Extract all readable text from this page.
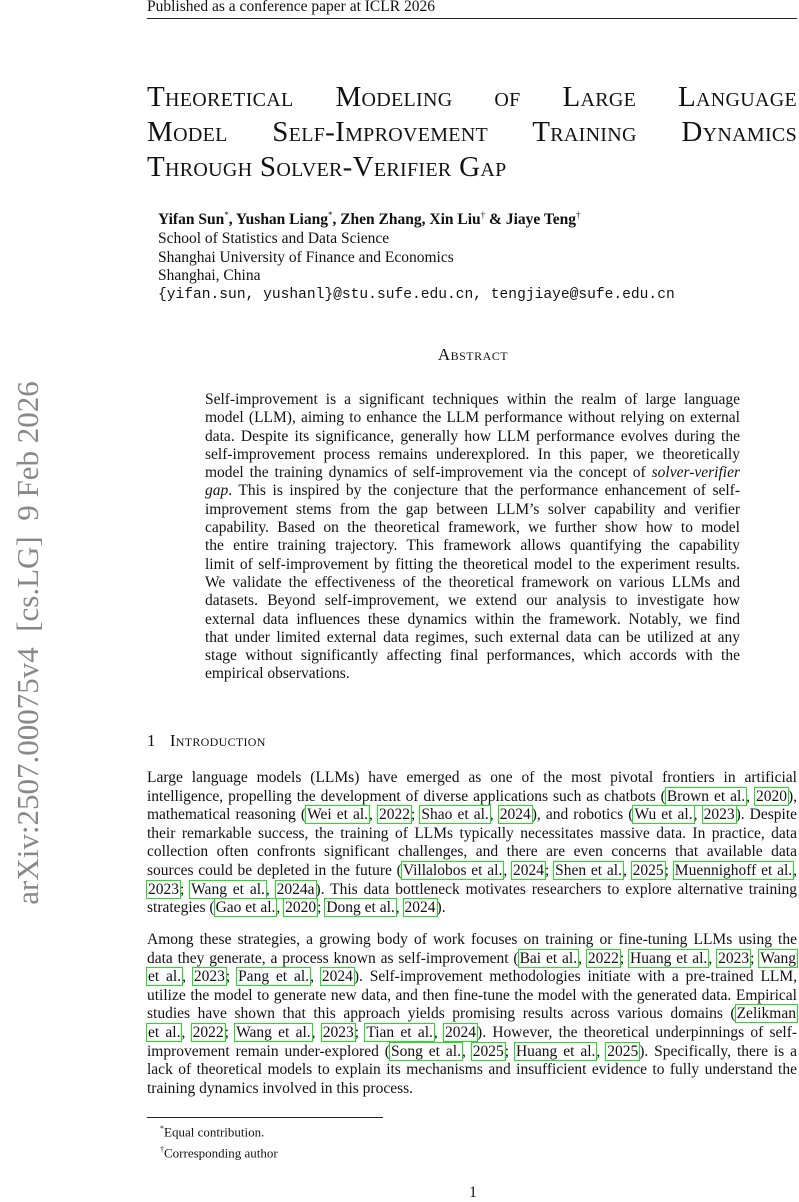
Published as a conference paper at ICLR 2026
arXiv:2507.00075v4  [cs.LG]  9 Feb 2026
Theoretical Modeling of Large Language
Model Self-Improvement Training Dynamics
Through Solver-Verifier Gap
Yifan Sun*, Yushan Liang*, Zhen Zhang, Xin Liu† & Jiaye Teng†
School of Statistics and Data Science
Shanghai University of Finance and Economics
Shanghai, China
{yifan.sun, yushanl}@stu.sufe.edu.cn, tengjiaye@sufe.edu.cn
Abstract
Self-improvement is a significant techniques within the realm of large language
model (LLM), aiming to enhance the LLM performance without relying on external
data. Despite its significance, generally how LLM performance evolves during the
self-improvement process remains underexplored. In this paper, we theoretically
model the training dynamics of self-improvement via the concept of solver-verifier
gap. This is inspired by the conjecture that the performance enhancement of self-
improvement stems from the gap between LLM’s solver capability and verifier
capability. Based on the theoretical framework, we further show how to model
the entire training trajectory. This framework allows quantifying the capability
limit of self-improvement by fitting the theoretical model to the experiment results.
We validate the effectiveness of the theoretical framework on various LLMs and
datasets. Beyond self-improvement, we extend our analysis to investigate how
external data influences these dynamics within the framework. Notably, we find
that under limited external data regimes, such external data can be utilized at any
stage without significantly affecting final performances, which accords with the
empirical observations.
1 Introduction
Large language models (LLMs) have emerged as one of the most pivotal frontiers in artificial
intelligence, propelling the development of diverse applications such as chatbots (Brown et al., 2020),
mathematical reasoning (Wei et al., 2022; Shao et al., 2024), and robotics (Wu et al., 2023). Despite
their remarkable success, the training of LLMs typically necessitates massive data. In practice, data
collection often confronts significant challenges, and there are even concerns that available data
sources could be depleted in the future (Villalobos et al., 2024; Shen et al., 2025; Muennighoff et al.,
2023; Wang et al., 2024a). This data bottleneck motivates researchers to explore alternative training
strategies (Gao et al., 2020; Dong et al., 2024).
Among these strategies, a growing body of work focuses on training or fine-tuning LLMs using the
data they generate, a process known as self-improvement (Bai et al., 2022; Huang et al., 2023; Wang
et al., 2023; Pang et al., 2024). Self-improvement methodologies initiate with a pre-trained LLM,
utilize the model to generate new data, and then fine-tune the model with the generated data. Empirical
studies have shown that this approach yields promising results across various domains (Zelikman
et al., 2022; Wang et al., 2023; Tian et al., 2024). However, the theoretical underpinnings of self-
improvement remain under-explored (Song et al., 2025; Huang et al., 2025). Specifically, there is a
lack of theoretical models to explain its mechanisms and insufficient evidence to fully understand the
training dynamics involved in this process.
*Equal contribution.
†Corresponding author
1
